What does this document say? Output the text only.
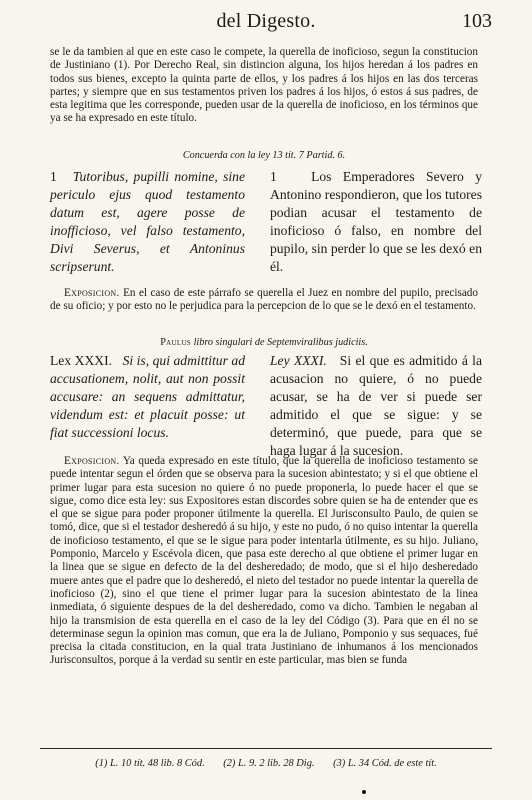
del Digesto.	103

se le da tambien al que en este caso le compete, la querella de inoficioso, segun la constitucion de Justiniano (1). Por Derecho Real, sin distincion alguna, los hijos heredan á los padres en todos sus bienes, excepto la quinta parte de ellos, y los padres á los hijos en las dos terceras partes; y siempre que en sus testamentos priven los padres á los hijos, ó estos á sus padres, de esta legitima que les corresponde, pueden usar de la querella de inoficioso, en los términos que ya se ha expresado en este título.

Concuerda con la ley 13 tít. 7 Partid. 6.

1 Tutoribus, pupilli nomine, sine periculo ejus quod testamento datum est, agere posse de inofficioso, vel falso testamento, Divi Severus, et Antoninus scripserunt.

1	Los Emperadores Severo y Antonino respondieron, que los tutores podian acusar el testamento de inoficioso ó falso, en nombre del pupilo, sin perder lo que se les dexó en él.

Exposicion. En el caso de este párrafo se querella el Juez en nombre del pupilo, precisado de su oficio; y por esto no le perjudica para la percepcion de lo que se le dexó en el testamento.

Paulus libro singulari de Septemviralibus judiciis.

Lex XXXI. Si is, qui admittitur ad accusationem, nolit, aut non possit accusare: an sequens admittatur, videndum est: et placuit posse: ut fiat successioni locus.

Ley XXXI. Si el que es admitido á la acusacion no quiere, ó no puede acusar, se ha de ver si puede ser admitido el que se sigue: y se determinó, que puede, para que se haga lugar á la sucesion.

Exposicion. Ya queda expresado en este título, que la querella de inoficioso testamento se puede intentar segun el órden que se observa para la sucesion abintestato; y si el que obtiene el primer lugar para esta sucesion no quiere ó no puede proponerla, lo puede hacer el que se sigue, como dice esta ley: sus Expositores estan discordes sobre quien se ha de entender que es el que se sigue para poder proponer útilmente la querella. El Jurisconsulto Paulo, de quien se tomó, dice, que si el testador desheredó á su hijo, y este no pudo, ó no quiso intentar la querella de inoficioso testamento, el que se le sigue para poder intentarla útilmente, es su hijo. Juliano, Pomponio, Marcelo y Escévola dicen, que pasa este derecho al que obtiene el primer lugar en la linea que se sigue en defecto de la del desheredado; de modo, que si el hijo desheredado muere antes que el padre que lo desheredó, el nieto del testador no puede intentar la querella de inoficioso (2), sino el que tiene el primer lugar para la sucesion abintestato de la linea inmediata, ó siguiente despues de la del desheredado, como va dicho. Tambien le negaban al hijo la transmision de esta querella en el caso de la ley del Código (3). Para que en él no se determinase segun la opinion mas comun, que era la de Juliano, Pomponio y sus sequaces, fué precisa la citada constitucion, en la qual trata Justiniano de inhumanos á los mencionados Jurisconsultos, porque á la verdad su sentir en este particular, mas bien se funda

(1) L. 10 tít. 48 lib. 8 Cód. (2) L. 9. 2 lib. 28 Dig. (3) L. 34 Cód. de este tít.
